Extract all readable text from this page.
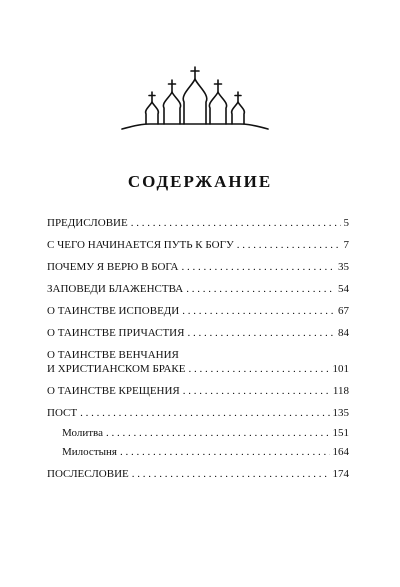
СОДЕРЖАНИЕ
ПРЕДИСЛОВИЕ . . .	5
С ЧЕГО НАЧИНАЕТСЯ ПУТЬ К БОГУ . . .	7
ПОЧЕМУ Я ВЕРЮ В БОГА . . .	35
ЗАПОВЕДИ БЛАЖЕНСТВА . . .	54
О ТАИНСТВЕ ИСПОВЕДИ . . .	67
О ТАИНСТВЕ ПРИЧАСТИЯ . . .	84
О ТАИНСТВЕ ВЕНЧАНИЯ
И ХРИСТИАНСКОМ БРАКЕ . . .	101
О ТАИНСТВЕ КРЕЩЕНИЯ . . .	118
ПОСТ . . .	135
Молитва . . .	151
Милостыня . . .	164
ПОСЛЕСЛОВИЕ . . .	174
